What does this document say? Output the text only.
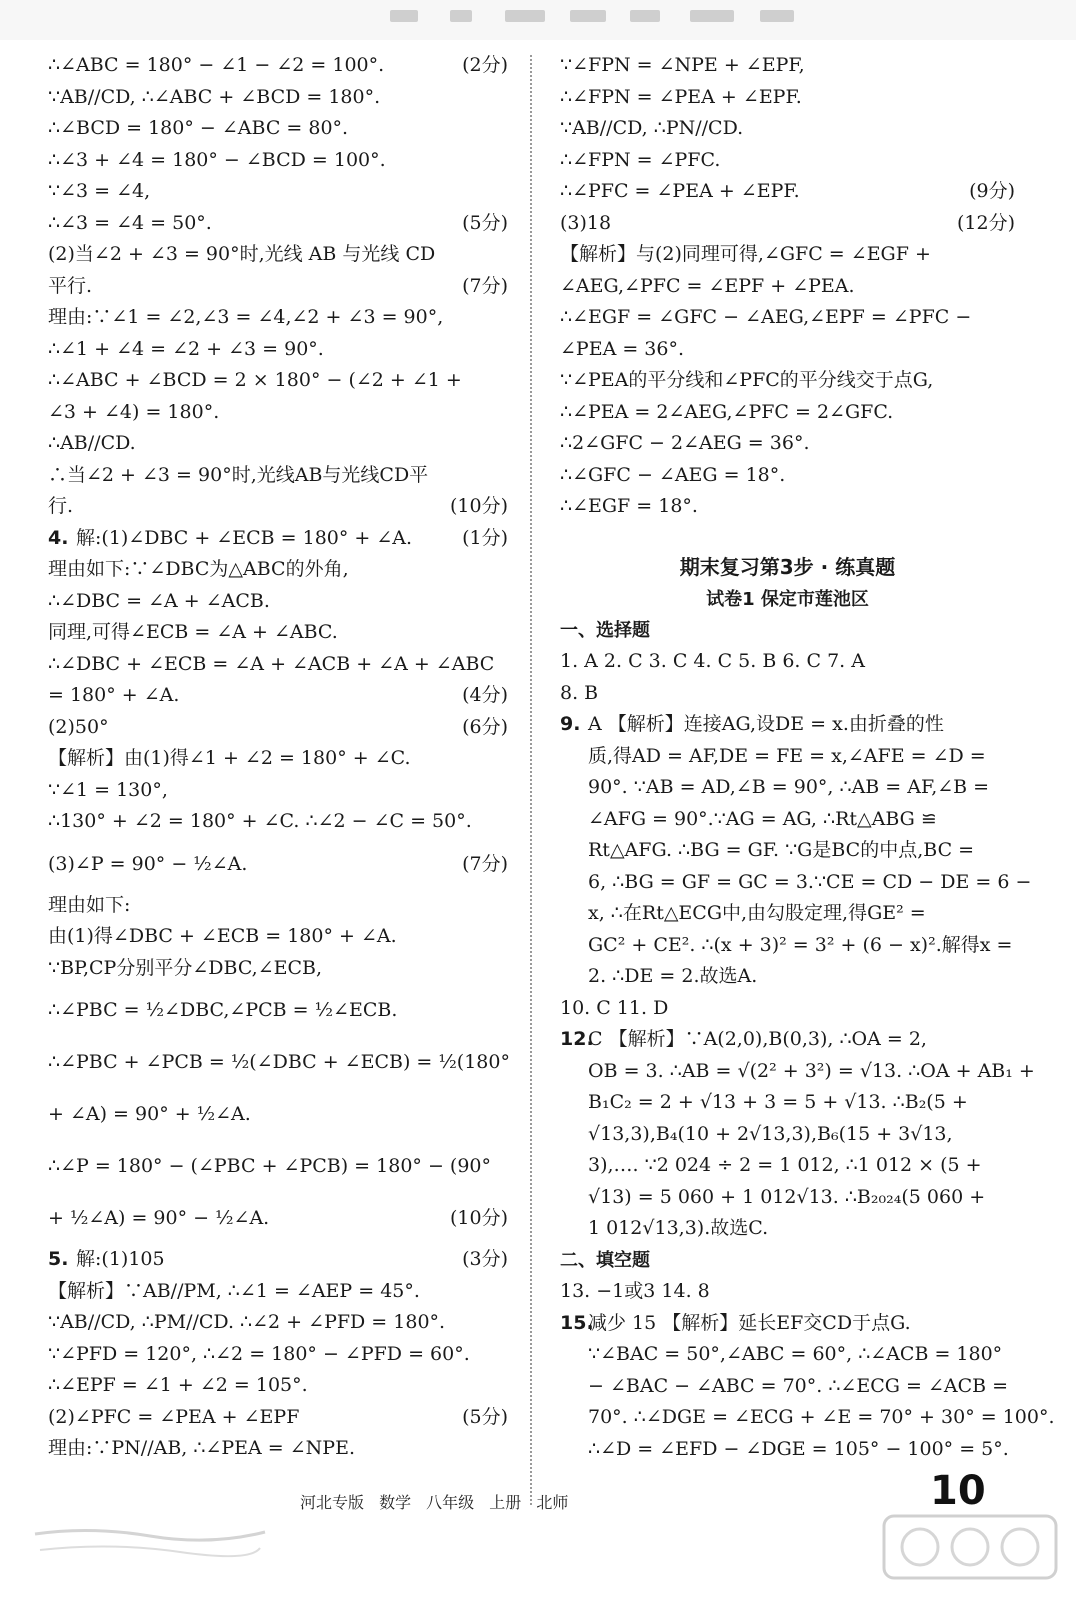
∴∠ABC = 180° − ∠1 − ∠2 = 100°.	(2分)
∵AB//CD, ∴∠ABC + ∠BCD = 180°.
∴∠BCD = 180° − ∠ABC = 80°.
∴∠3 + ∠4 = 180° − ∠BCD = 100°.
∵∠3 = ∠4,
∴∠3 = ∠4 = 50°.	(5分)
(2)当∠2 + ∠3 = 90°时,光线 AB 与光线 CD
平行.	(7分)
理由:∵∠1 = ∠2,∠3 = ∠4,∠2 + ∠3 = 90°,
∴∠1 + ∠4 = ∠2 + ∠3 = 90°.
∴∠ABC + ∠BCD = 2 × 180° − (∠2 + ∠1 +
∠3 + ∠4) = 180°.
∴AB//CD.
∴当∠2 + ∠3 = 90°时,光线AB与光线CD平
行.	(10分)
4. 解:(1)∠DBC + ∠ECB = 180° + ∠A.	(1分)
理由如下:∵∠DBC为△ABC的外角,
∴∠DBC = ∠A + ∠ACB.
同理,可得∠ECB = ∠A + ∠ABC.
∴∠DBC + ∠ECB = ∠A + ∠ACB + ∠A + ∠ABC
= 180° + ∠A.	(4分)
(2)50°	(6分)
【解析】由(1)得∠1 + ∠2 = 180° + ∠C.
∵∠1 = 130°,
∴130° + ∠2 = 180° + ∠C. ∴∠2 − ∠C = 50°.
(3)∠P = 90° − ½∠A.	(7分)
理由如下:
由(1)得∠DBC + ∠ECB = 180° + ∠A.
∵BP,CP分别平分∠DBC,∠ECB,
∴∠PBC = ½∠DBC,∠PCB = ½∠ECB.
∴∠PBC + ∠PCB = ½(∠DBC + ∠ECB) = ½(180°
+ ∠A) = 90° + ½∠A.
∴∠P = 180° − (∠PBC + ∠PCB) = 180° − (90°
+ ½∠A) = 90° − ½∠A.	(10分)
5. 解:(1)105	(3分)
【解析】∵AB//PM, ∴∠1 = ∠AEP = 45°.
∵AB//CD, ∴PM//CD. ∴∠2 + ∠PFD = 180°.
∵∠PFD = 120°, ∴∠2 = 180° − ∠PFD = 60°.
∴∠EPF = ∠1 + ∠2 = 105°.
(2)∠PFC = ∠PEA + ∠EPF	(5分)
理由:∵PN//AB, ∴∠PEA = ∠NPE.
∵∠FPN = ∠NPE + ∠EPF,
∴∠FPN = ∠PEA + ∠EPF.
∵AB//CD, ∴PN//CD.
∴∠FPN = ∠PFC.
∴∠PFC = ∠PEA + ∠EPF.	(9分)
(3)18	(12分)
【解析】与(2)同理可得,∠GFC = ∠EGF +
∠AEG,∠PFC = ∠EPF + ∠PEA.
∴∠EGF = ∠GFC − ∠AEG,∠EPF = ∠PFC −
∠PEA = 36°.
∵∠PEA的平分线和∠PFC的平分线交于点G,
∴∠PEA = 2∠AEG,∠PFC = 2∠GFC.
∴2∠GFC − 2∠AEG = 36°.
∴∠GFC − ∠AEG = 18°.
∴∠EGF = 18°.
期末复习第3步 · 练真题
试卷1 保定市莲池区
一、选择题
1. A 2. C 3. C 4. C 5. B 6. C 7. A
8. B
9. A 【解析】连接AG,设DE = x.由折叠的性
质,得AD = AF,DE = FE = x,∠AFE = ∠D =
90°. ∵AB = AD,∠B = 90°, ∴AB = AF,∠B =
∠AFG = 90°.∵AG = AG, ∴Rt△ABG ≌
Rt△AFG. ∴BG = GF. ∵G是BC的中点,BC =
6, ∴BG = GF = GC = 3.∵CE = CD − DE = 6 −
x, ∴在Rt△ECG中,由勾股定理,得GE² =
GC² + CE². ∴(x + 3)² = 3² + (6 − x)².解得x =
2. ∴DE = 2.故选A.
10. C 11. D
12.C 【解析】∵A(2,0),B(0,3), ∴OA = 2,
OB = 3. ∴AB = √(2² + 3²) = √13. ∴OA + AB₁ +
B₁C₂ = 2 + √13 + 3 = 5 + √13. ∴B₂(5 +
√13,3),B₄(10 + 2√13,3),B₆(15 + 3√13,
3),…. ∵2 024 ÷ 2 = 1 012, ∴1 012 × (5 +
√13) = 5 060 + 1 012√13. ∴B₂₀₂₄(5 060 +
1 012√13,3).故选C.
二、填空题
13. −1或3 14. 8
15.减少 15 【解析】延长EF交CD于点G.
∵∠BAC = 50°,∠ABC = 60°, ∴∠ACB = 180°
− ∠BAC − ∠ABC = 70°. ∴∠ECG = ∠ACB =
70°. ∴∠DGE = ∠ECG + ∠E = 70° + 30° = 100°.
∴∠D = ∠EFD − ∠DGE = 105° − 100° = 5°.
河北专版 数学 八年级 上册 北师	10
